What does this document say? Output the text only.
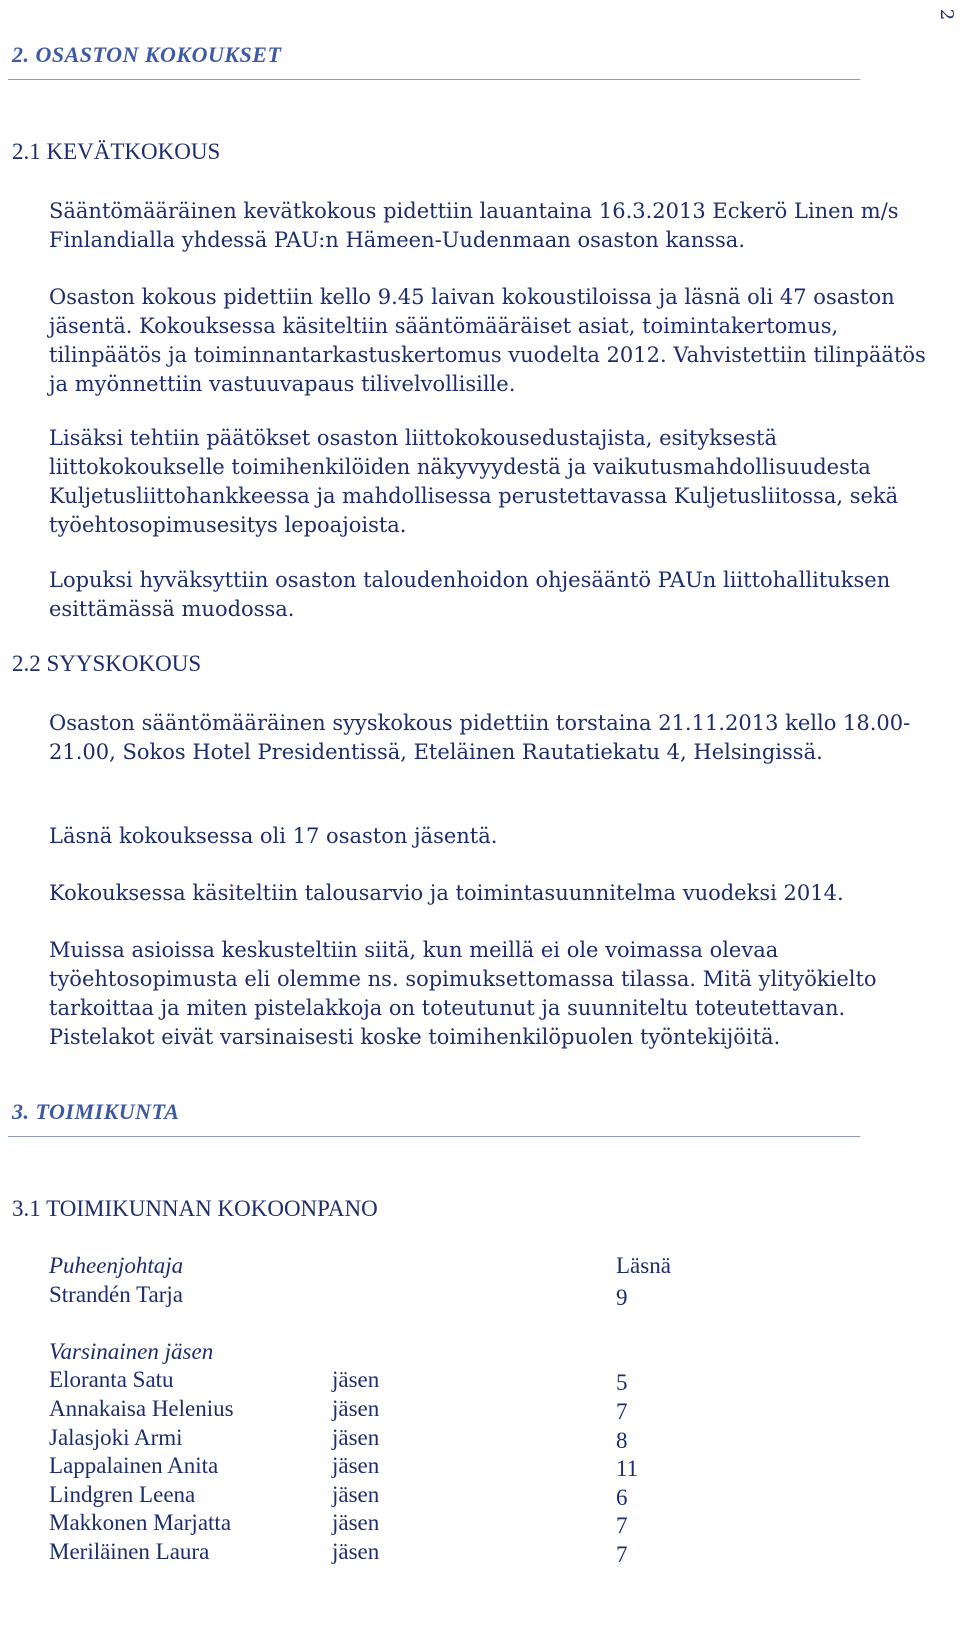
2
2. OSASTON KOKOUKSET
2.1 KEVÄTKOKOUS

Sääntömääräinen kevätkokous pidettiin lauantaina 16.3.2013 Eckerö Linen m/s Finlandialla yhdessä PAU:n Hämeen-Uudenmaan osaston kanssa.

Osaston kokous pidettiin kello 9.45 laivan kokoustiloissa ja läsnä oli 47 osaston jäsentä. Kokouksessa käsiteltiin sääntömääräiset asiat, toimintakertomus, tilinpäätös ja toiminnantarkastuskertomus vuodelta 2012. Vahvistettiin tilinpäätös ja myönnettiin vastuuvapaus tilivelvollisille.

Lisäksi tehtiin päätökset osaston liittokokousedustajista, esityksestä liittokokoukselle toimihenkilöiden näkyvyydestä ja vaikutusmahdollisuudesta Kuljetusliittohankkeessa ja mahdollisessa perustettavassa Kuljetusliitossa, sekä työehtosopimusesitys lepoajoista.

Lopuksi hyväksyttiin osaston taloudenhoidon ohjesääntö PAUn liittohallituksen esittämässä muodossa.

2.2 SYYSKOKOUS

Osaston sääntömääräinen syyskokous pidettiin torstaina 21.11.2013 kello 18.00-21.00, Sokos Hotel Presidentissä, Eteläinen Rautatiekatu 4, Helsingissä.

Läsnä kokouksessa oli 17 osaston jäsentä.

Kokouksessa käsiteltiin talousarvio ja toimintasuunnitelma vuodeksi 2014.

Muissa asioissa keskusteltiin siitä, kun meillä ei ole voimassa olevaa työehtosopimusta eli olemme ns. sopimuksettomassa tilassa. Mitä ylityökielto tarkoittaa ja miten pistelakkoja on toteutunut ja suunniteltu toteutettavan. Pistelakot eivät varsinaisesti koske toimihenkilöpuolen työntekijöitä.

3. TOIMIKUNTA
3.1 TOIMIKUNNAN KOKOONPANO
Puheenjohtaja	Läsnä
Strandén Tarja	9
Varsinainen jäsen
Eloranta Satu	jäsen	5
Annakaisa Helenius	jäsen	7
Jalasjoki Armi	jäsen	8
Lappalainen Anita	jäsen	11
Lindgren Leena	jäsen	6
Makkonen Marjatta	jäsen	7
Meriläinen Laura	jäsen	7
